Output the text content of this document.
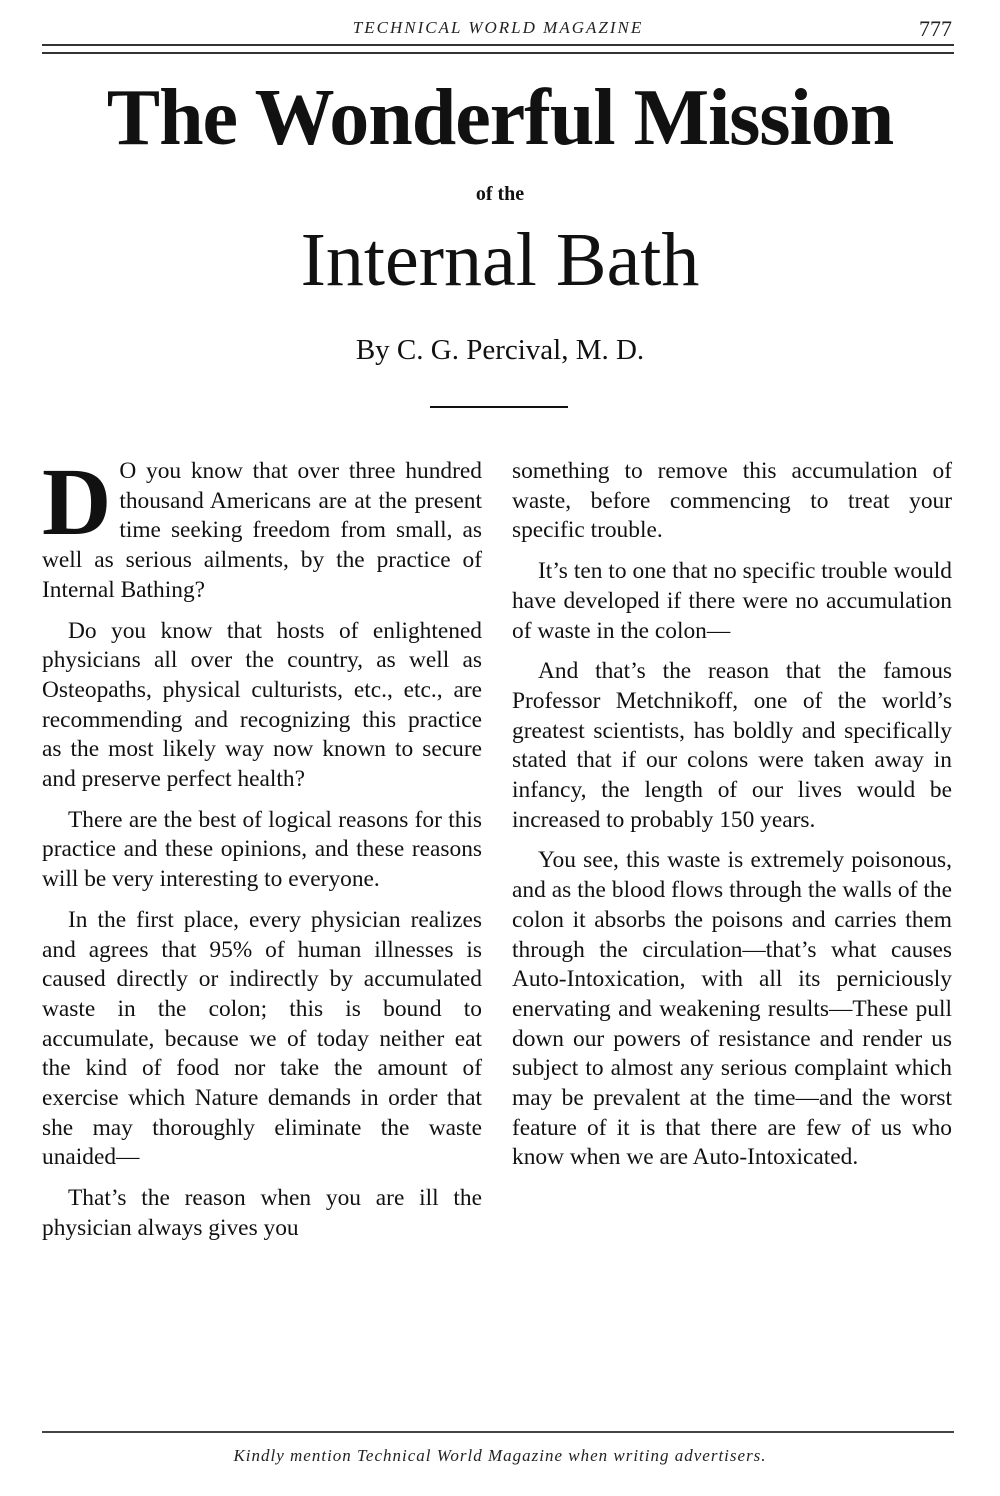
TECHNICAL WORLD MAGAZINE	777
The Wonderful Mission
of the
Internal Bath
By C. G. Percival, M. D.

D O you know that over three hundred thousand Americans are at the present time seeking freedom from small, as well as serious ailments, by the practice of Internal Bathing?

Do you know that hosts of enlightened physicians all over the country, as well as Osteopaths, physical culturists, etc., etc., are recommending and recognizing this practice as the most likely way now known to secure and preserve perfect health?

There are the best of logical reasons for this practice and these opinions, and these reasons will be very interesting to everyone.

In the first place, every physician realizes and agrees that 95% of human illnesses is caused directly or indirectly by accumulated waste in the colon; this is bound to accumulate, because we of today neither eat the kind of food nor take the amount of exercise which Nature demands in order that she may thoroughly eliminate the waste unaided—

That’s the reason when you are ill the physician always gives you

something to remove this accumulation of waste, before commencing to treat your specific trouble.

It’s ten to one that no specific trouble would have developed if there were no accumulation of waste in the colon—

And that’s the reason that the famous Professor Metchnikoff, one of the world’s greatest scientists, has boldly and specifically stated that if our colons were taken away in infancy, the length of our lives would be increased to probably 150 years.

You see, this waste is extremely poisonous, and as the blood flows through the walls of the colon it absorbs the poisons and carries them through the circulation—that’s what causes Auto-Intoxication, with all its perniciously enervating and weakening results—These pull down our powers of resistance and render us subject to almost any serious complaint which may be prevalent at the time—and the worst feature of it is that there are few of us who know when we are Auto-Intoxicated.

Kindly mention Technical World Magazine when writing advertisers.
